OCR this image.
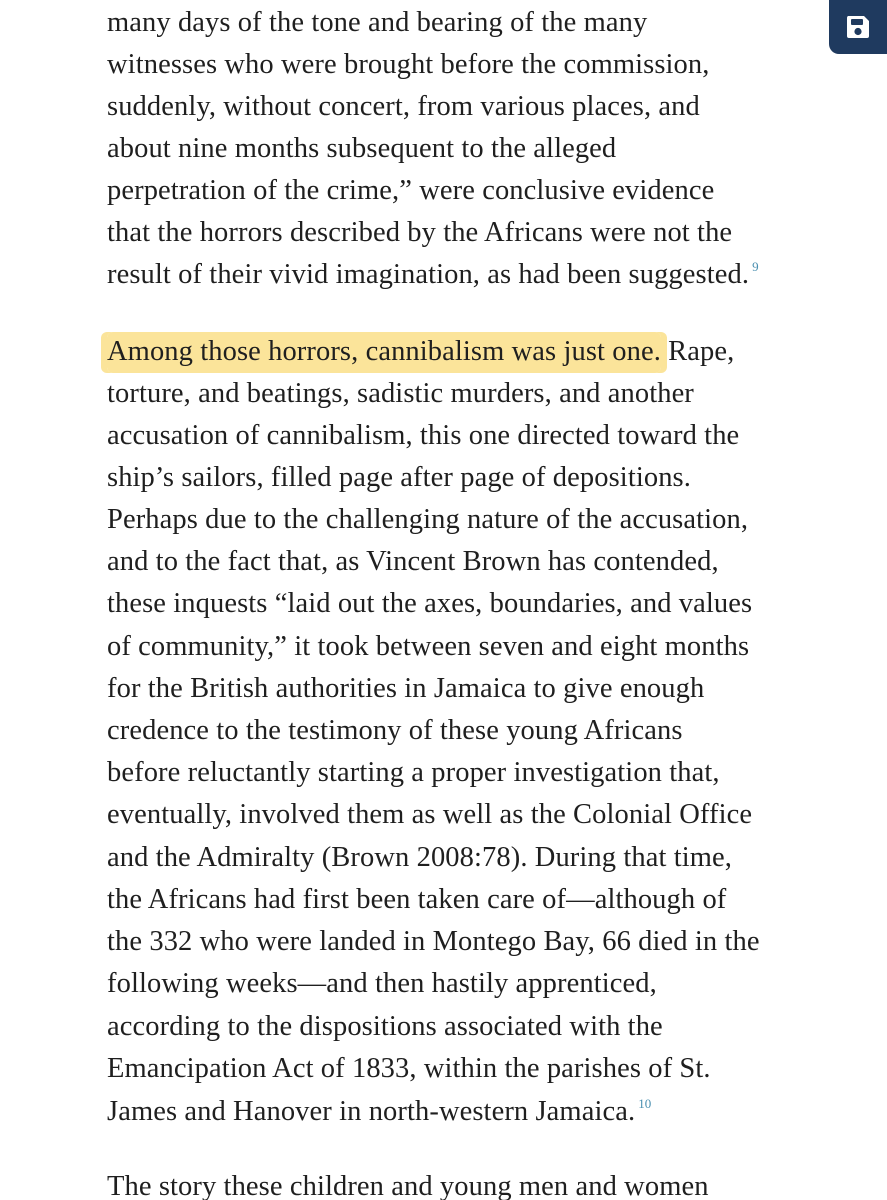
many days of the tone and bearing of the many
witnesses who were brought before the commission,
suddenly, without concert, from various places, and
about nine months subsequent to the alleged
perpetration of the crime,” were conclusive evidence
that the horrors described by the Africans were not the
result of their vivid imagination, as had been suggested. $^9$
Among those horrors, cannibalism was just one. Rape,
torture, and beatings, sadistic murders, and another
accusation of cannibalism, this one directed toward the
ship’s sailors, filled page after page of depositions.
Perhaps due to the challenging nature of the accusation,
and to the fact that, as Vincent Brown has contended,
these inquests “laid out the axes, boundaries, and values
of community,” it took between seven and eight months
for the British authorities in Jamaica to give enough
credence to the testimony of these young Africans
before reluctantly starting a proper investigation that,
eventually, involved them as well as the Colonial Office
and the Admiralty (Brown 2008:78). During that time,
the Africans had first been taken care of—although of
the 332 who were landed in Montego Bay, 66 died in the
following weeks—and then hastily apprenticed,
according to the dispositions associated with the
Emancipation Act of 1833, within the parishes of St.
James and Hanover in north-western Jamaica. $^{10}$
The story these children and young men and women
